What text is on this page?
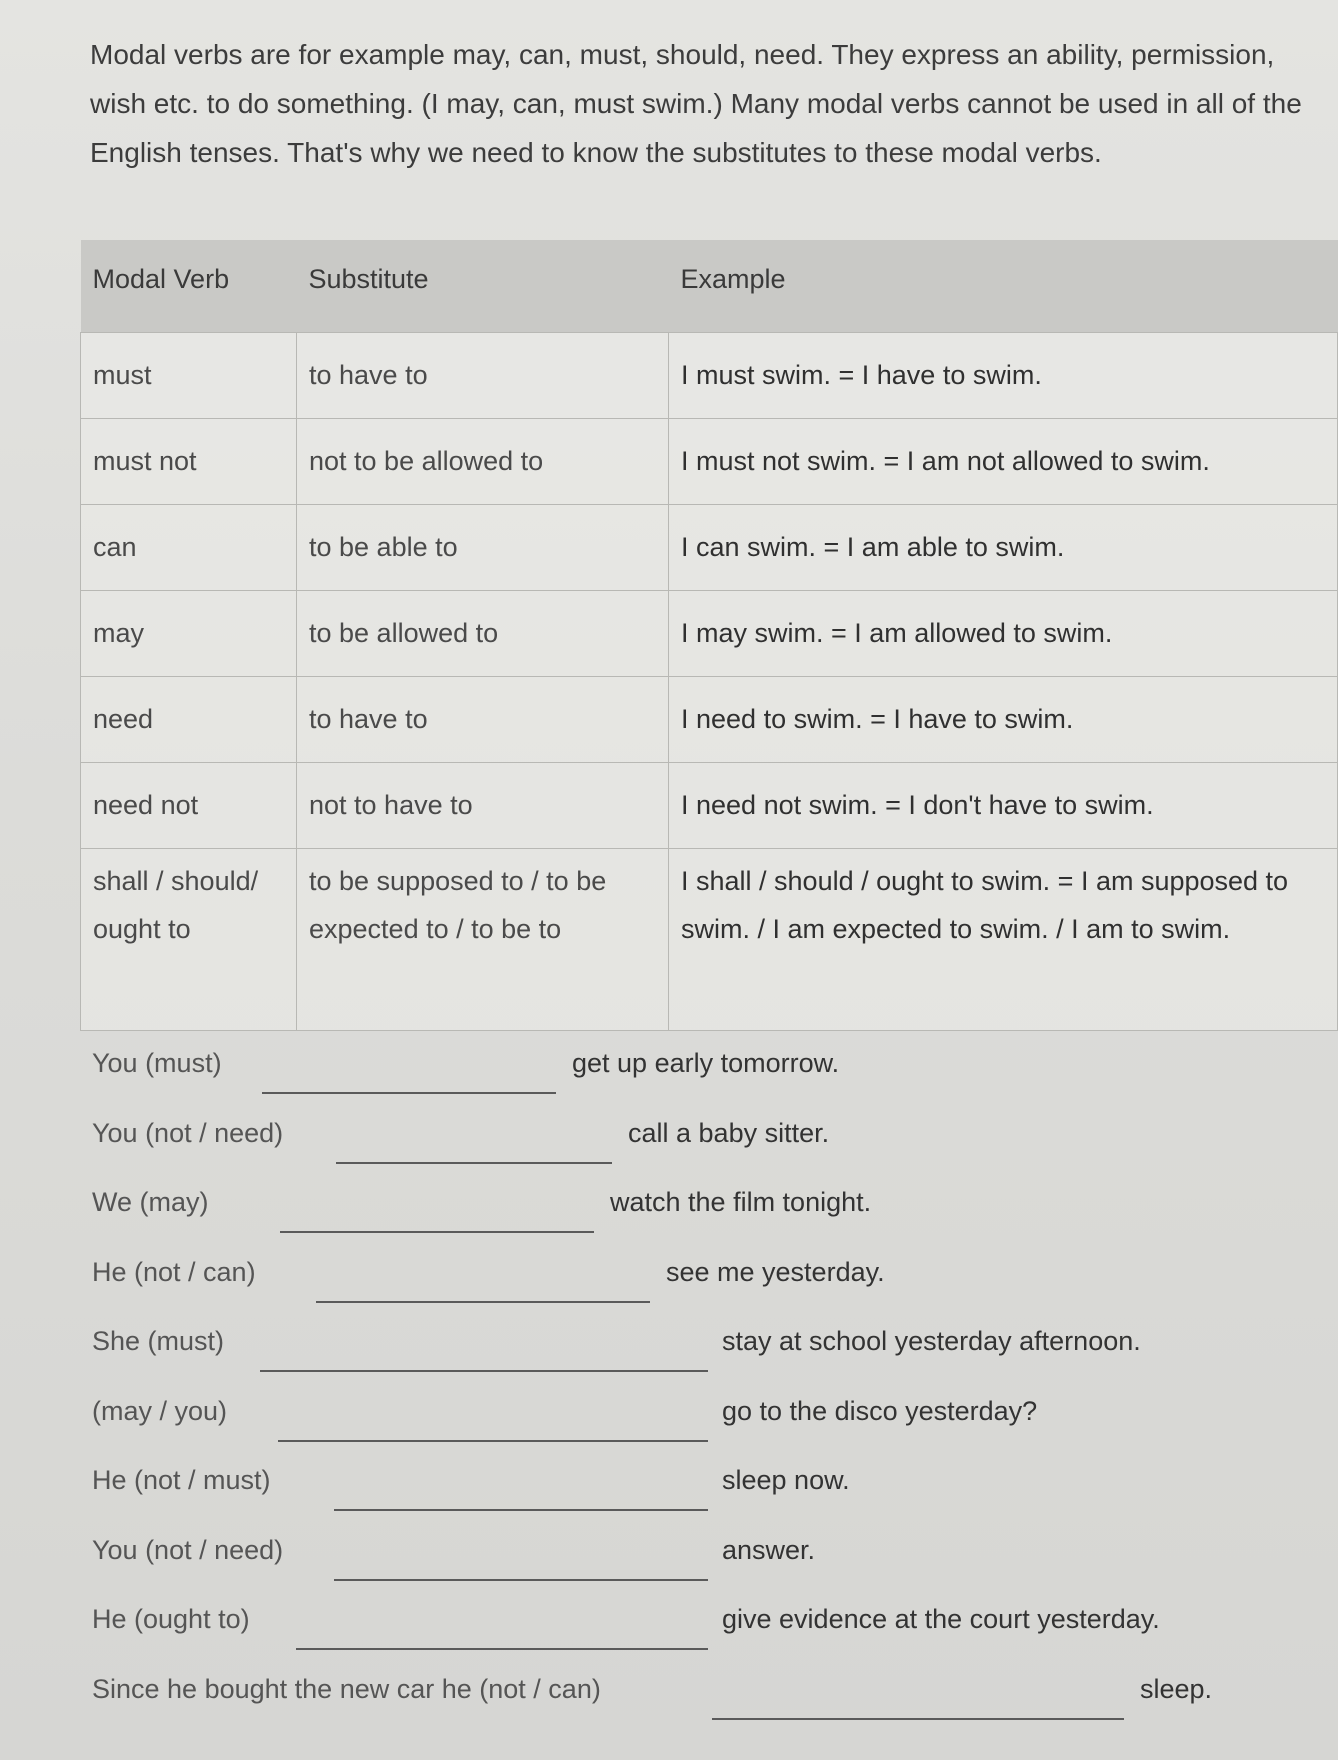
Modal verbs are for example may, can, must, should, need. They express an ability, permission, wish etc. to do something. (I may, can, must swim.) Many modal verbs cannot be used in all of the English tenses. That's why we need to know the substitutes to these modal verbs.

Modal Verb	Substitute	Example
must	to have to	I must swim. = I have to swim.
must not	not to be allowed to	I must not swim. = I am not allowed to swim.
can	to be able to	I can swim. = I am able to swim.
may	to be allowed to	I may swim. = I am allowed to swim.
need	to have to	I need to swim. = I have to swim.
need not	not to have to	I need not swim. = I don't have to swim.
shall / should/ ought to	to be supposed to / to be expected to / to be to	I shall / should / ought to swim. = I am supposed to swim. / I am expected to swim. / I am to swim.
You (must)	get up early tomorrow.
You (not / need)	call a baby sitter.
We (may)	watch the film tonight.
He (not / can)	see me yesterday.
She (must)	stay at school yesterday afternoon.
(may / you)	go to the disco yesterday?
He (not / must)	sleep now.
You (not / need)	answer.
He (ought to)	give evidence at the court yesterday.
Since he bought the new car he (not / can)	sleep.
